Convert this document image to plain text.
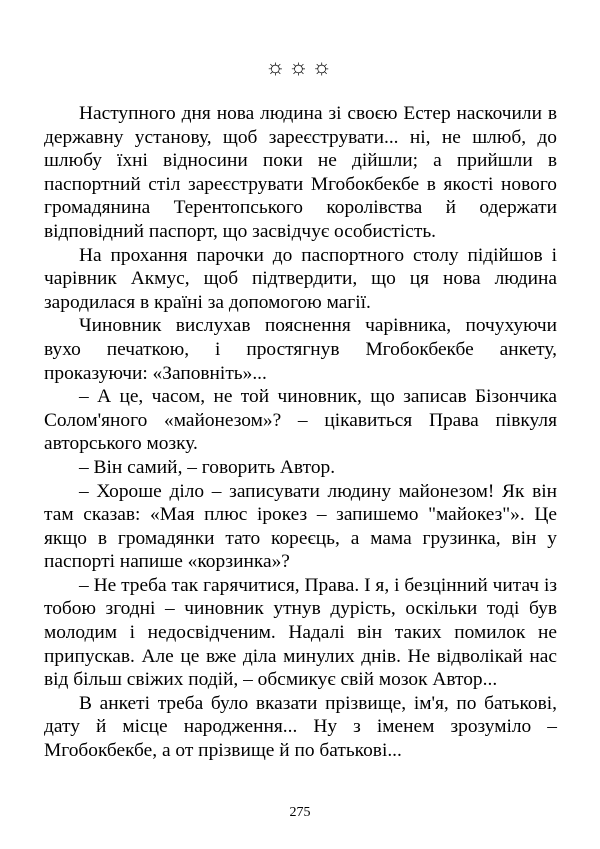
☼☼☼

Наступного дня нова людина зі своєю Естер наскочили в державну установу, щоб зареєструвати... ні, не шлюб, до шлюбу їхні відносини поки не дійшли; а прийшли в паспортний стіл зареєструвати Мгобокбекбе в якості нового громадянина Терентопського королівства й одержати відповідний паспорт, що засвідчує особистість.

На прохання парочки до паспортного столу підійшов і чарівник Акмус, щоб підтвердити, що ця нова людина зародилася в країні за допомогою магії.

Чиновник вислухав пояснення чарівника, почухуючи вухо печаткою, і простягнув Мгобокбекбе анкету, проказуючи: «Заповніть»...

– А це, часом, не той чиновник, що записав Бізончика Солом'яного «майонезом»? – цікавиться Права півкуля авторського мозку.

– Він самий, – говорить Автор.

– Хороше діло – записувати людину майонезом! Як він там сказав: «Мая плюс ірокез – запишемо "майокез"». Це якщо в громадянки тато кореєць, а мама грузинка, він у паспорті напише «корзинка»?

– Не треба так гарячитися, Права. І я, і безцінний читач із тобою згодні – чиновник утнув дурість, оскільки тоді був молодим і недосвідченим. Надалі він таких помилок не припускав. Але це вже діла минулих днів. Не відволікай нас від більш свіжих подій, – обсмикує свій мозок Автор...

В анкеті треба було вказати прізвище, ім'я, по батькові, дату й місце народження... Ну з іменем зрозуміло – Мгобокбекбе, а от прізвище й по батькові...

275
